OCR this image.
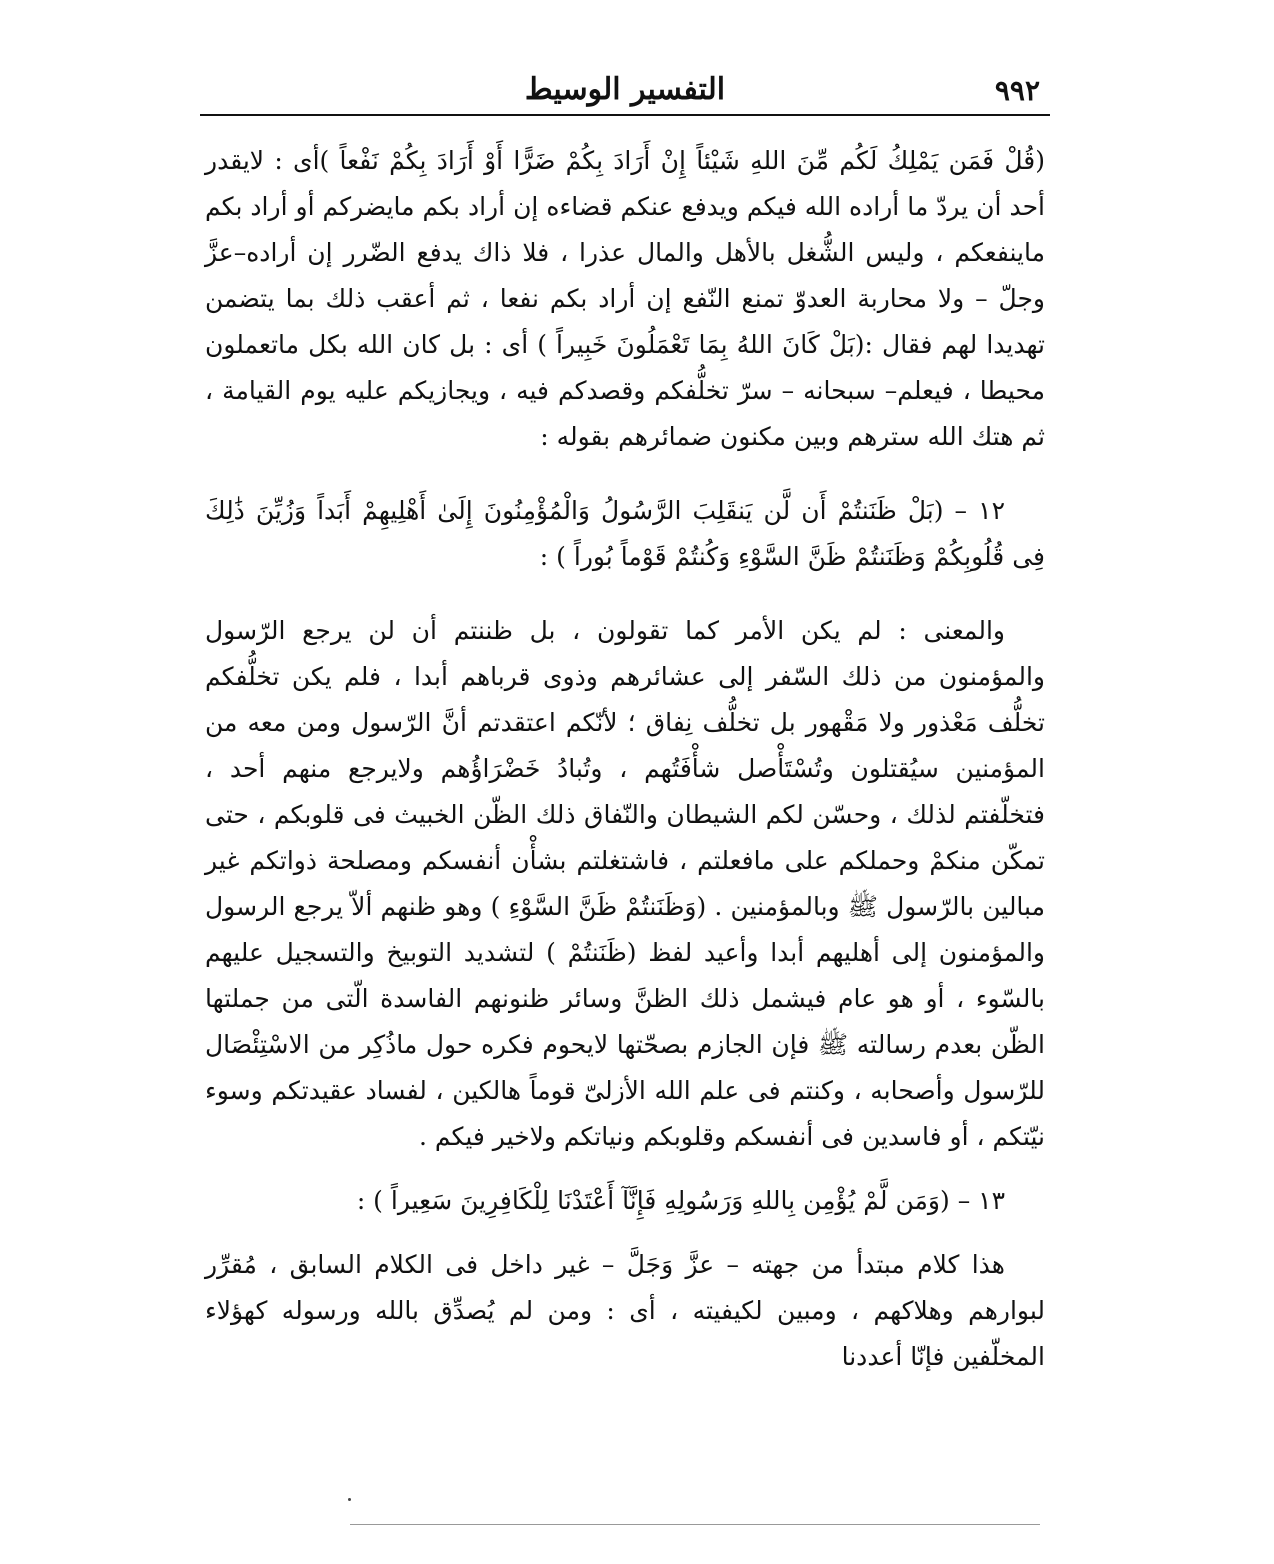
٩٩٢
التفسير الوسيط

(قُلْ فَمَن يَمْلِكُ لَكُم مِّنَ اللهِ شَيْئاً إِنْ أَرَادَ بِكُمْ ضَرًّا أَوْ أَرَادَ بِكُمْ نَفْعاً )أى : لايقدر أحد أن يردّ ما أراده الله فيكم ويدفع عنكم قضاءه إن أراد بكم مايضركم أو أراد بكم ماينفعكم ، وليس الشُّغل بالأهل والمال عذرا ، فلا ذاك يدفع الضّرر إن أراده–عزَّ وجلّ – ولا محاربة العدوّ تمنع النّفع إن أراد بكم نفعا ، ثم أعقب ذلك بما يتضمن تهديدا لهم فقال :(بَلْ كَانَ اللهُ بِمَا تَعْمَلُونَ خَبِيراً ) أى : بل كان الله بكل ماتعملون محيطا ، فيعلم– سبحانه – سرّ تخلُّفكم وقصدكم فيه ، ويجازيكم عليه يوم القيامة ، ثم هتك الله سترهم وبين مكنون ضمائرهم بقوله :

١٢ – (بَلْ ظَنَنتُمْ أَن لَّن يَنقَلِبَ الرَّسُولُ وَالْمُؤْمِنُونَ إِلَىٰ أَهْلِيهِمْ أَبَداً وَزُيِّنَ ذَٰلِكَ فِى قُلُوبِكُمْ وَظَنَنتُمْ ظَنَّ السَّوْءِ وَكُنتُمْ قَوْماً بُوراً ) :

والمعنى : لم يكن الأمر كما تقولون ، بل ظننتم أن لن يرجع الرّسول والمؤمنون من ذلك السّفر إلى عشائرهم وذوى قرباهم أبدا ، فلم يكن تخلُّفكم تخلُّف مَعْذور ولا مَقْهور بل تخلُّف نِفاق ؛ لأنّكم اعتقدتم أنَّ الرّسول ومن معه من المؤمنين سيُقتلون وتُسْتَأْصل شأْفَتُهم ، وتُبادُ خَضْرَاؤُهم ولايرجع منهم أحد ، فتخلّفتم لذلك ، وحسّن لكم الشيطان والنّفاق ذلك الظّن الخبيث فى قلوبكم ، حتى تمكّن منكمْ وحملكم على مافعلتم ، فاشتغلتم بشأْن أنفسكم ومصلحة ذواتكم غير مبالين بالرّسول ﷺ وبالمؤمنين . (وَظَنَنتُمْ ظَنَّ السَّوْءِ ) وهو ظنهم ألاّ يرجع الرسول والمؤمنون إلى أهليهم أبدا وأعيد لفظ (ظَنَنتُمْ ) لتشديد التوبيخ والتسجيل عليهم بالسّوء ، أو هو عام فيشمل ذلك الظنَّ وسائر ظنونهم الفاسدة الّتى من جملتها الظّن بعدم رسالته ﷺ فإن الجازم بصحّتها لايحوم فكره حول ماذُكِر من الاسْتِئْصَال للرّسول وأصحابه ، وكنتم فى علم الله الأزلىّ قوماً هالكين ، لفساد عقيدتكم وسوء نيّتكم ، أو فاسدين فى أنفسكم وقلوبكم ونياتكم ولاخير فيكم .

١٣ – (وَمَن لَّمْ يُؤْمِن بِاللهِ وَرَسُولِهِ فَإِنَّآ أَعْتَدْنَا لِلْكَافِرِينَ سَعِيراً ) :

هذا كلام مبتدأ من جهته – عزَّ وَجَلَّ – غير داخل فى الكلام السابق ، مُقرِّر لبوارهم وهلاكهم ، ومبين لكيفيته ، أى : ومن لم يُصدِّق بالله ورسوله كهؤلاء المخلّفين فإنّا أعددنا
